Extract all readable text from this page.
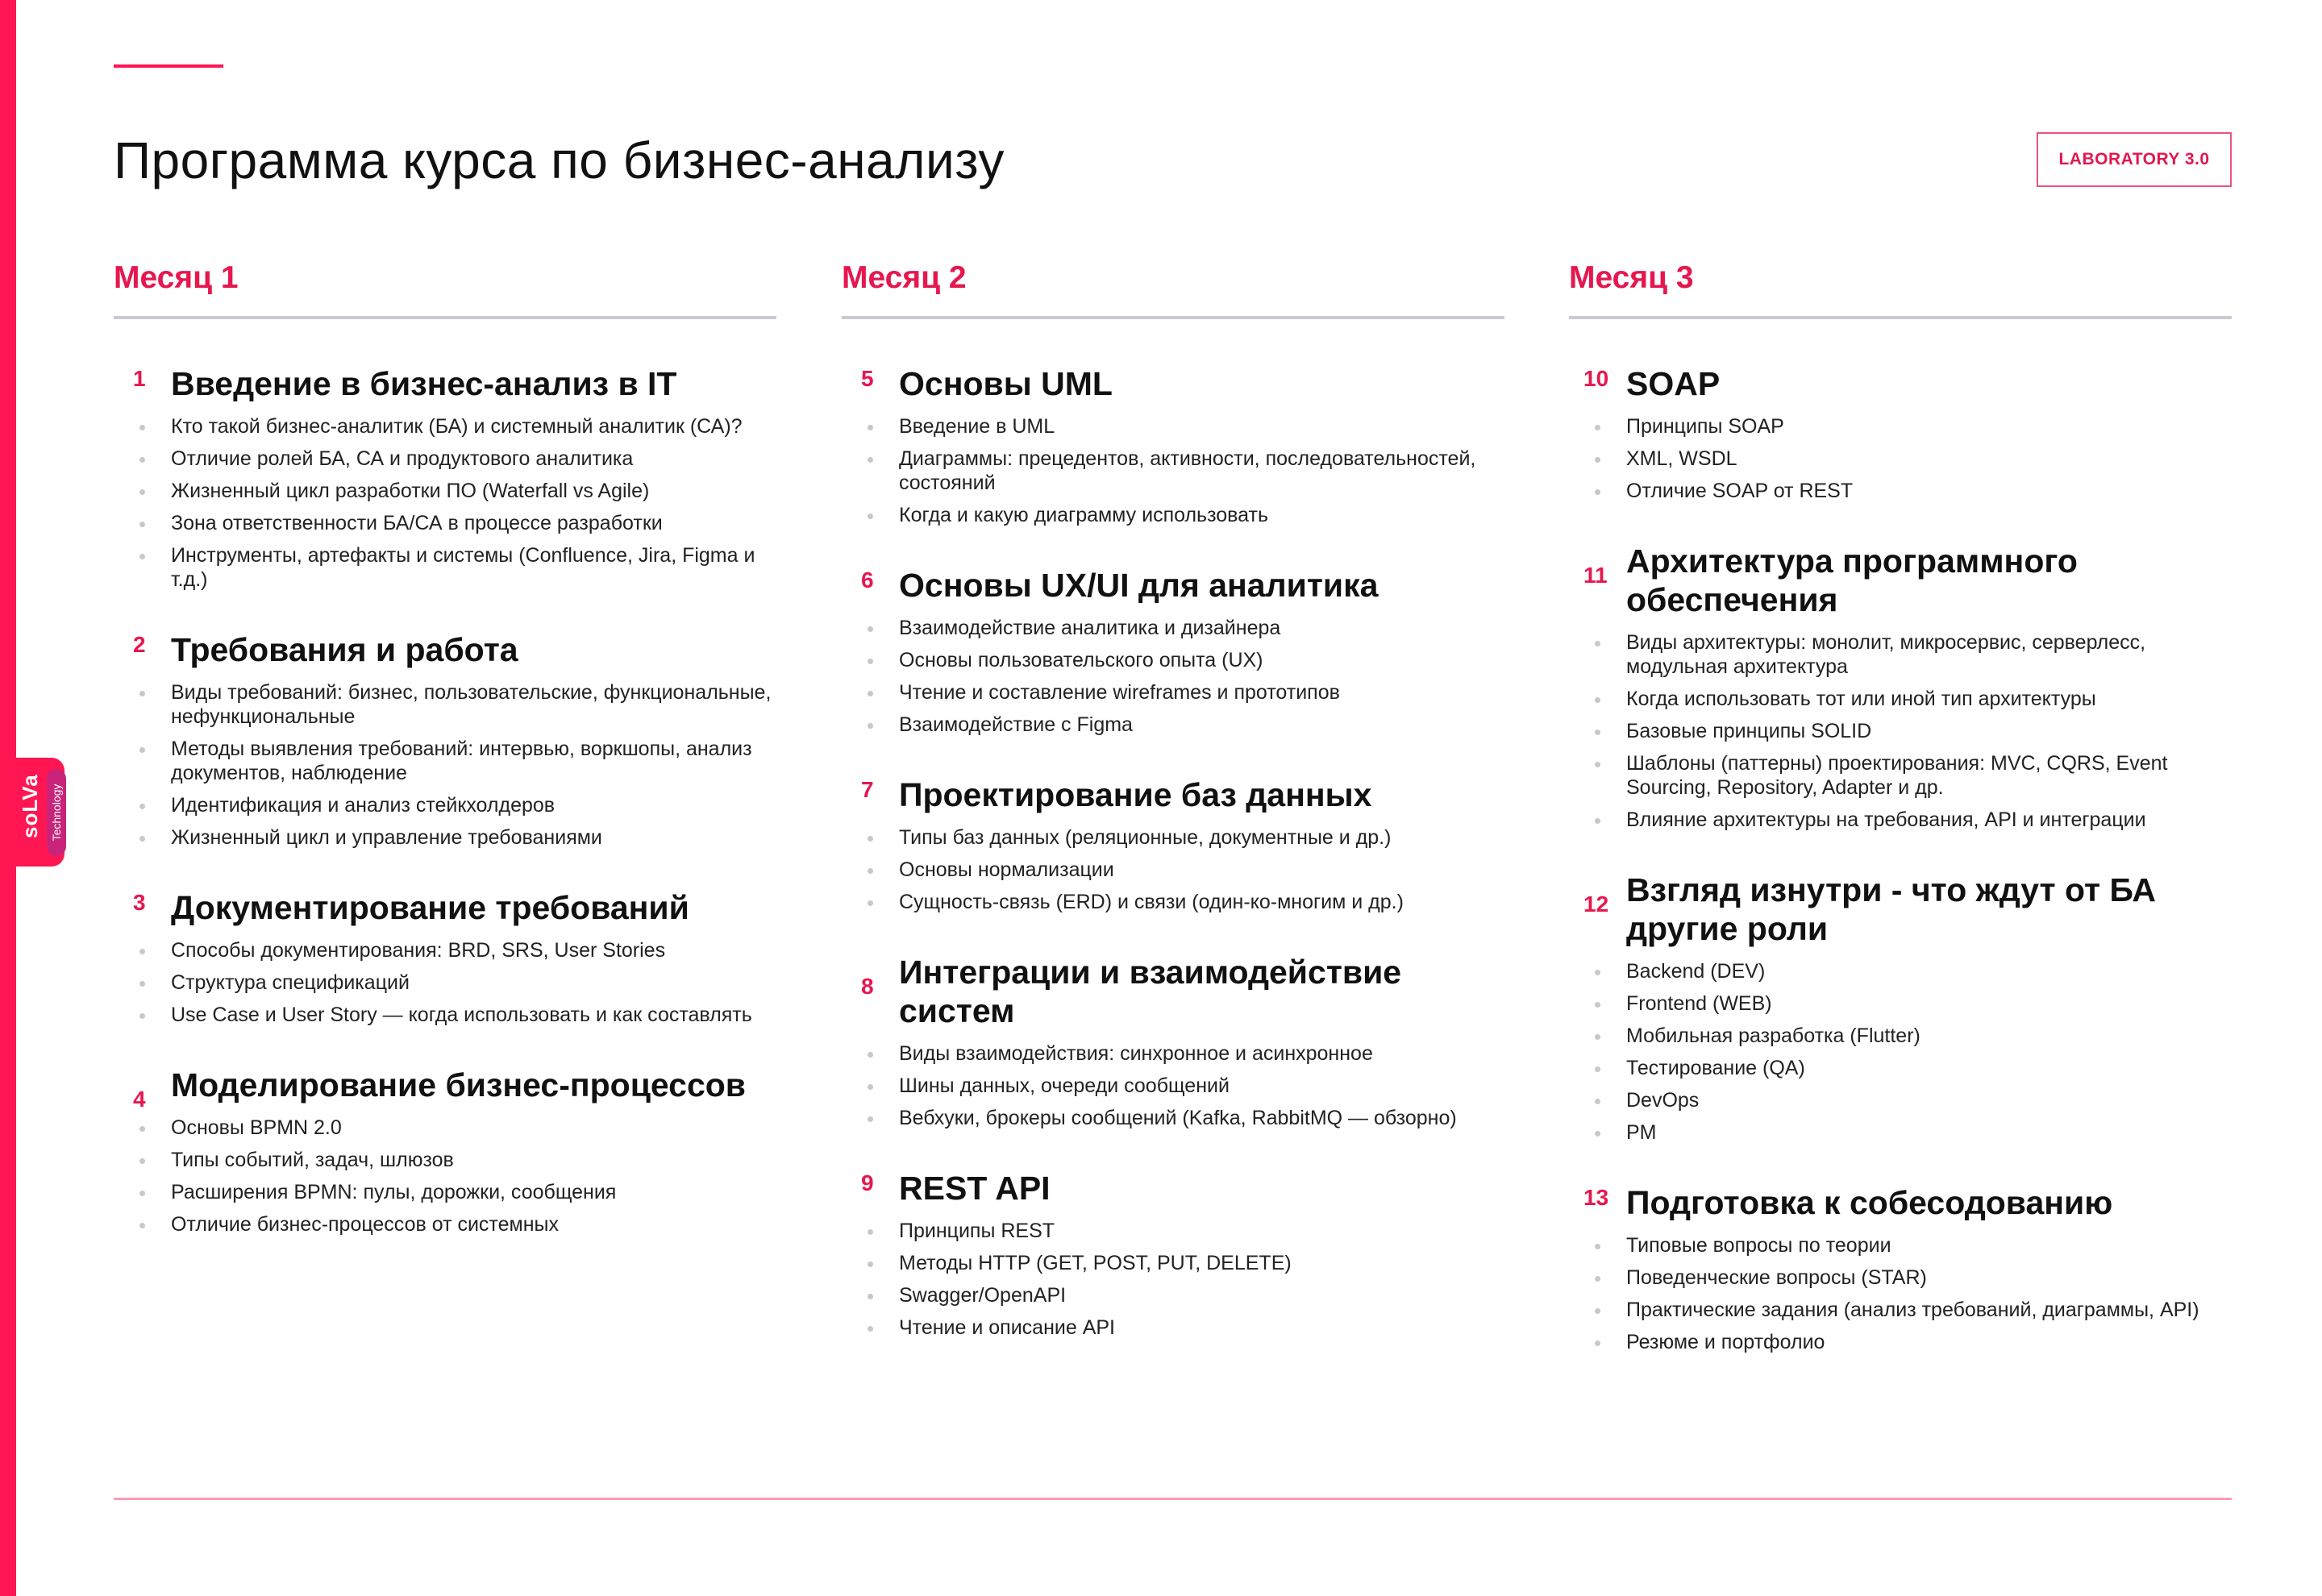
soLVa Technology
Программа курса по бизнес-анализу	LABORATORY 3.0
Месяц 1
1 Введение в бизнес-анализ в IT
Кто такой бизнес-аналитик (БА) и системный аналитик (СА)?
Отличие ролей БА, СА и продуктового аналитика
Жизненный цикл разработки ПО (Waterfall vs Agile)
Зона ответственности БА/СА в процессе разработки
Инструменты, артефакты и системы (Confluence, Jira, Figma и т.д.)
2 Требования и работа
Виды требований: бизнес, пользовательские, функциональные, нефункциональные
Методы выявления требований: интервью, воркшопы, анализ документов, наблюдение
Идентификация и анализ стейкхолдеров
Жизненный цикл и управление требованиями
3 Документирование требований
Способы документирования: BRD, SRS, User Stories
Структура спецификаций
Use Case и User Story — когда использовать и как составлять
4 Моделирование бизнес-процессов
Основы BPMN 2.0
Типы событий, задач, шлюзов
Расширения BPMN: пулы, дорожки, сообщения
Отличие бизнес-процессов от системных
Месяц 2
5 Основы UML
Введение в UML
Диаграммы: прецедентов, активности, последовательностей, состояний
Когда и какую диаграмму использовать
6 Основы UX/UI для аналитика
Взаимодействие аналитика и дизайнера
Основы пользовательского опыта (UX)
Чтение и составление wireframes и прототипов
Взаимодействие с Figma
7 Проектирование баз данных
Типы баз данных (реляционные, документные и др.)
Основы нормализации
Сущность-связь (ERD) и связи (один-ко-многим и др.)
8 Интеграции и взаимодействие систем
Виды взаимодействия: синхронное и асинхронное
Шины данных, очереди сообщений
Вебхуки, брокеры сообщений (Kafka, RabbitMQ — обзорно)
9 REST API
Принципы REST
Методы HTTP (GET, POST, PUT, DELETE)
Swagger/OpenAPI
Чтение и описание API
Месяц 3
10 SOAP
Принципы SOAP
XML, WSDL
Отличие SOAP от REST
11 Архитектура программного обеспечения
Виды архитектуры: монолит, микросервис, серверлесс, модульная архитектура
Когда использовать тот или иной тип архитектуры
Базовые принципы SOLID
Шаблоны (паттерны) проектирования: MVC, CQRS, Event Sourcing, Repository, Adapter и др.
Влияние архитектуры на требования, API и интеграции
12 Взгляд изнутри - что ждут от БА другие роли
Backend (DEV)
Frontend (WEB)
Мобильная разработка (Flutter)
Тестирование (QA)
DevOps
PM
13 Подготовка к собесодованию
Типовые вопросы по теории
Поведенческие вопросы (STAR)
Практические задания (анализ требований, диаграммы, API)
Резюме и портфолио
